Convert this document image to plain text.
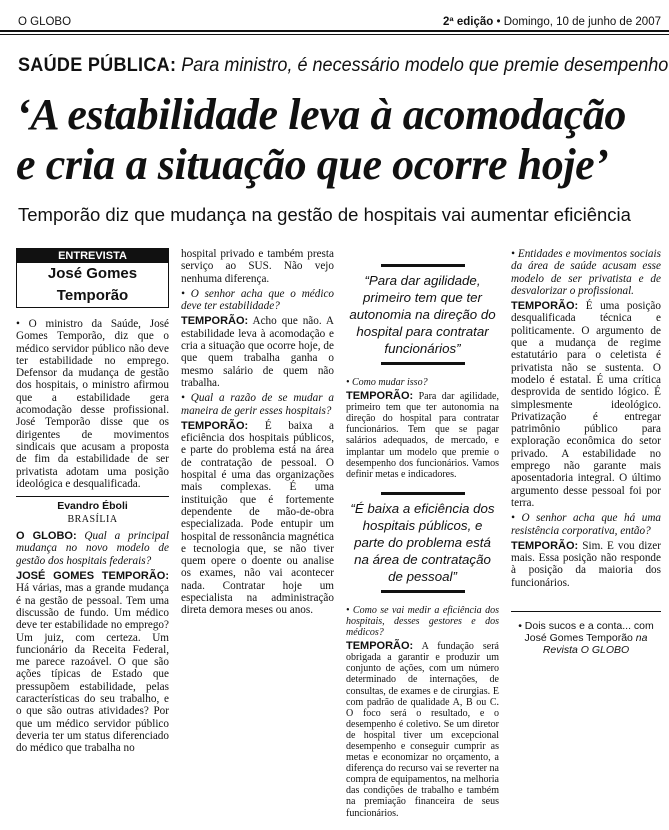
O GLOBO	2ª edição • Domingo, 10 de junho de 2007
SAÚDE PÚBLICA: Para ministro, é necessário modelo que premie desempenho
‘A estabilidade leva à acomodação
e cria a situação que ocorre hoje’
Temporão diz que mudança na gestão de hospitais vai aumentar eficiência
ENTREVISTA
José Gomes Temporão

• O ministro da Saúde, José Gomes Temporão, diz que o médico servidor público não deve ter estabilidade no emprego. Defensor da mudança de gestão dos hospitais, o ministro afirmou que a estabilidade gera acomodação desse profissional. José Temporão disse que os dirigentes de movimentos sindicais que acusam a proposta de fim da estabilidade de ser privatista adotam uma posição ideológica e desqualificada.

Evandro Éboli
BRASÍLIA

O GLOBO: Qual a principal mudança no novo modelo de gestão dos hospitais federais?

JOSÉ GOMES TEMPORÃO: Há várias, mas a grande mudança é na gestão de pessoal. Tem uma discussão de fundo. Um médico deve ter estabilidade no emprego? Um juiz, com certeza. Um funcionário da Receita Federal, me parece razoável. O que são ações típicas de Estado que pressupõem estabilidade, pelas características do seu trabalho, e o que são outras atividades? Por que um médico servidor público deveria ter um status diferenciado do médico que trabalha no

hospital privado e também presta serviço ao SUS. Não vejo nenhuma diferença.

• O senhor acha que o médico deve ter estabilidade?

TEMPORÃO: Acho que não. A estabilidade leva à acomodação e cria a situação que ocorre hoje, de que quem trabalha ganha o mesmo salário de quem não trabalha.

• Qual a razão de se mudar a maneira de gerir esses hospitais?

TEMPORÃO: É baixa a eficiência dos hospitais públicos, e parte do problema está na área de contratação de pessoal. O hospital é uma das organizações mais complexas. É uma instituição que é fortemente dependente de mão-de-obra especializada. Pode entupir um hospital de ressonância magnética e tecnologia que, se não tiver quem opere o doente ou analise os exames, não vai acontecer nada. Contratar hoje um especialista na administração direta demora meses ou anos.

“Para dar agilidade, primeiro tem que ter autonomia na direção do hospital para contratar funcionários”

• Como mudar isso?

TEMPORÃO: Para dar agilidade, primeiro tem que ter autonomia na direção do hospital para contratar funcionários. Tem que se pagar salários adequados, de mercado, e implantar um modelo que premie o desempenho dos funcionários. Vamos definir metas e indicadores.

“É baixa a eficiência dos hospitais públicos, e parte do problema está na área de contratação de pessoal”

• Como se vai medir a eficiência dos hospitais, desses gestores e dos médicos?

TEMPORÃO: A fundação será obrigada a garantir e produzir um conjunto de ações, com um número determinado de internações, de consultas, de exames e de cirurgias. E com padrão de qualidade A, B ou C. O foco será o resultado, e o desempenho é coletivo. Se um diretor de hospital tiver um excepcional desempenho e conseguir cumprir as metas e economizar no orçamento, a diferença do recurso vai se reverter na compra de equipamentos, na melhoria das condições de trabalho e também na premiação financeira de seus funcionários.

• Entidades e movimentos sociais da área de saúde acusam esse modelo de ser privatista e de desvalorizar o profissional.

TEMPORÃO: É uma posição desqualificada técnica e politicamente. O argumento de que a mudança de regime estatutário para o celetista é privatista não se sustenta. O modelo é estatal. É uma crítica desprovida de sentido lógico. É simplesmente ideológico. Privatização é entregar patrimônio público para exploração econômica do setor privado. A estabilidade no emprego não garante mais aposentadoria integral. O último argumento desse pessoal foi por terra.

• O senhor acha que há uma resistência corporativa, então?

TEMPORÃO: Sim. E vou dizer mais. Essa posição não responde à posição da maioria dos funcionários.

• Dois sucos e a conta... com José Gomes Temporão na
Revista O GLOBO
